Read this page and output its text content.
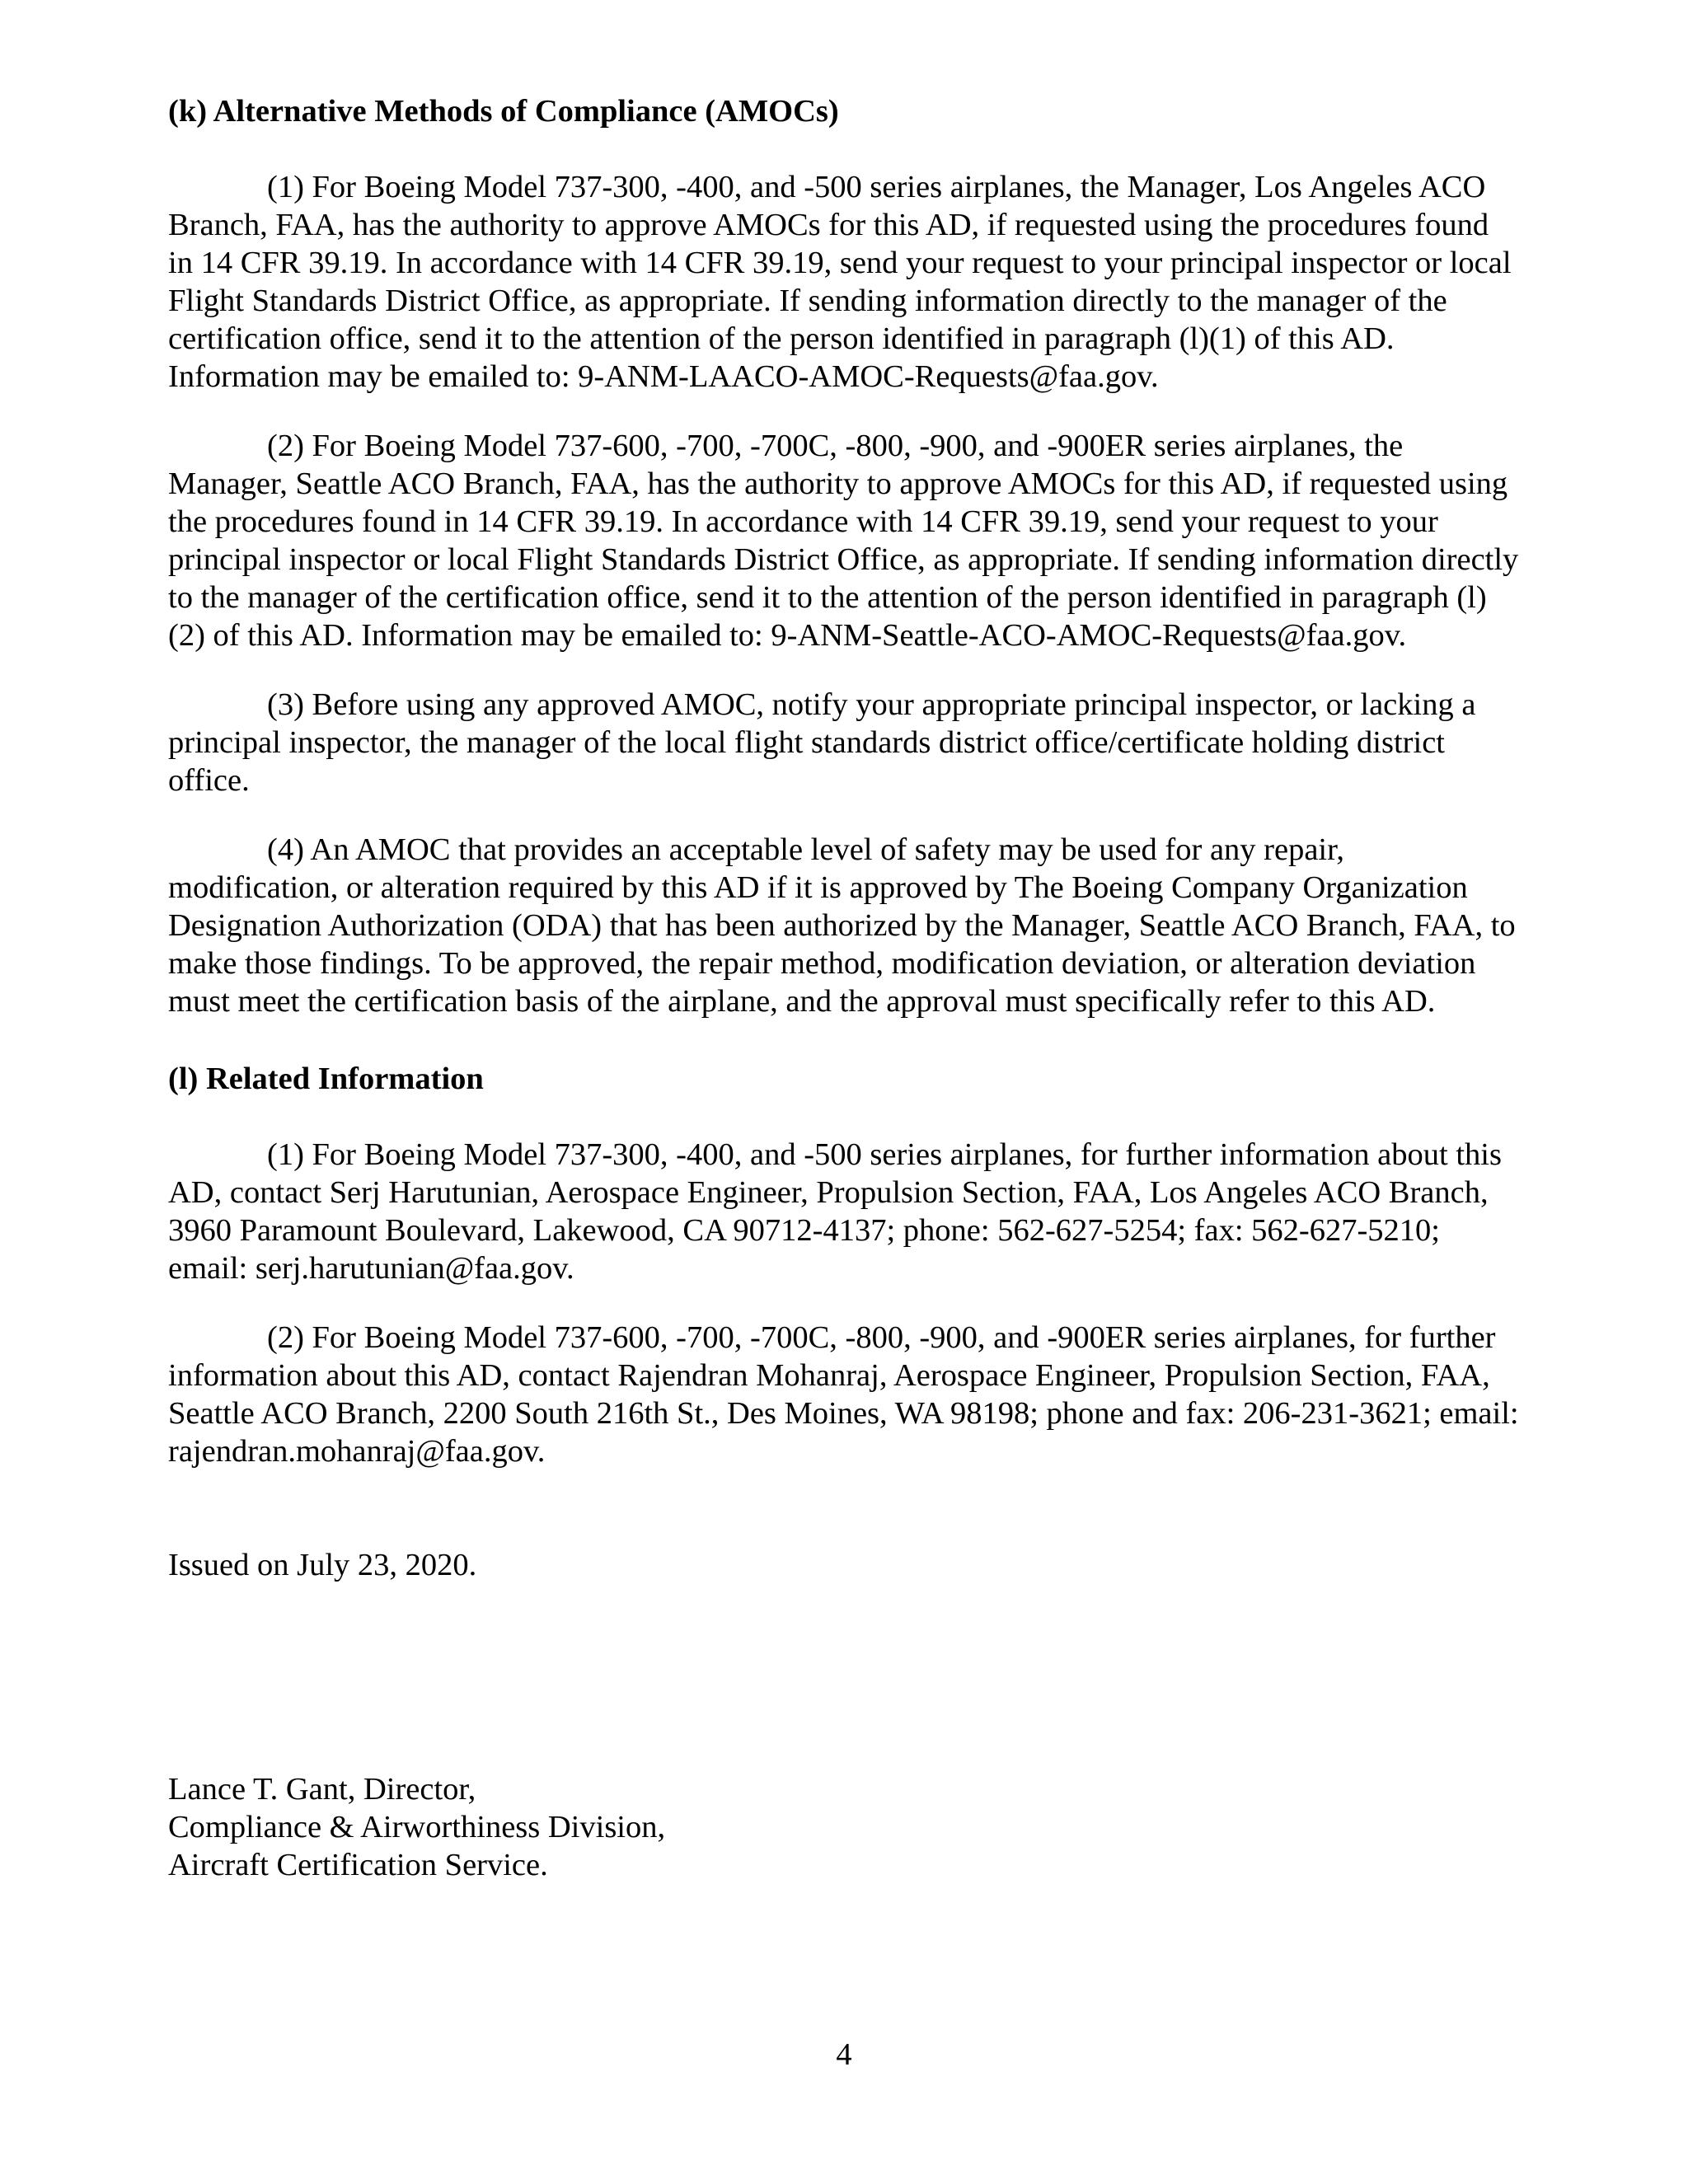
(k) Alternative Methods of Compliance (AMOCs)

(1) For Boeing Model 737-300, -400, and -500 series airplanes, the Manager, Los Angeles ACO Branch, FAA, has the authority to approve AMOCs for this AD, if requested using the procedures found in 14 CFR 39.19. In accordance with 14 CFR 39.19, send your request to your principal inspector or local Flight Standards District Office, as appropriate. If sending information directly to the manager of the certification office, send it to the attention of the person identified in paragraph (l)(1) of this AD. Information may be emailed to: 9-ANM-LAACO-AMOC-Requests@faa.gov.

(2) For Boeing Model 737-600, -700, -700C, -800, -900, and -900ER series airplanes, the Manager, Seattle ACO Branch, FAA, has the authority to approve AMOCs for this AD, if requested using the procedures found in 14 CFR 39.19. In accordance with 14 CFR 39.19, send your request to your principal inspector or local Flight Standards District Office, as appropriate. If sending information directly to the manager of the certification office, send it to the attention of the person identified in paragraph (l)(2) of this AD. Information may be emailed to: 9-ANM-Seattle-ACO-AMOC-Requests@faa.gov.

(3) Before using any approved AMOC, notify your appropriate principal inspector, or lacking a principal inspector, the manager of the local flight standards district office/certificate holding district office.

(4) An AMOC that provides an acceptable level of safety may be used for any repair, modification, or alteration required by this AD if it is approved by The Boeing Company Organization Designation Authorization (ODA) that has been authorized by the Manager, Seattle ACO Branch, FAA, to make those findings. To be approved, the repair method, modification deviation, or alteration deviation must meet the certification basis of the airplane, and the approval must specifically refer to this AD.

(l) Related Information

(1) For Boeing Model 737-300, -400, and -500 series airplanes, for further information about this AD, contact Serj Harutunian, Aerospace Engineer, Propulsion Section, FAA, Los Angeles ACO Branch, 3960 Paramount Boulevard, Lakewood, CA 90712-4137; phone: 562-627-5254; fax: 562-627-5210; email: serj.harutunian@faa.gov.

(2) For Boeing Model 737-600, -700, -700C, -800, -900, and -900ER series airplanes, for further information about this AD, contact Rajendran Mohanraj, Aerospace Engineer, Propulsion Section, FAA, Seattle ACO Branch, 2200 South 216th St., Des Moines, WA 98198; phone and fax: 206-231-3621; email: rajendran.mohanraj@faa.gov.

Issued on July 23, 2020.
Lance T. Gant, Director,
Compliance & Airworthiness Division,
Aircraft Certification Service.
4
